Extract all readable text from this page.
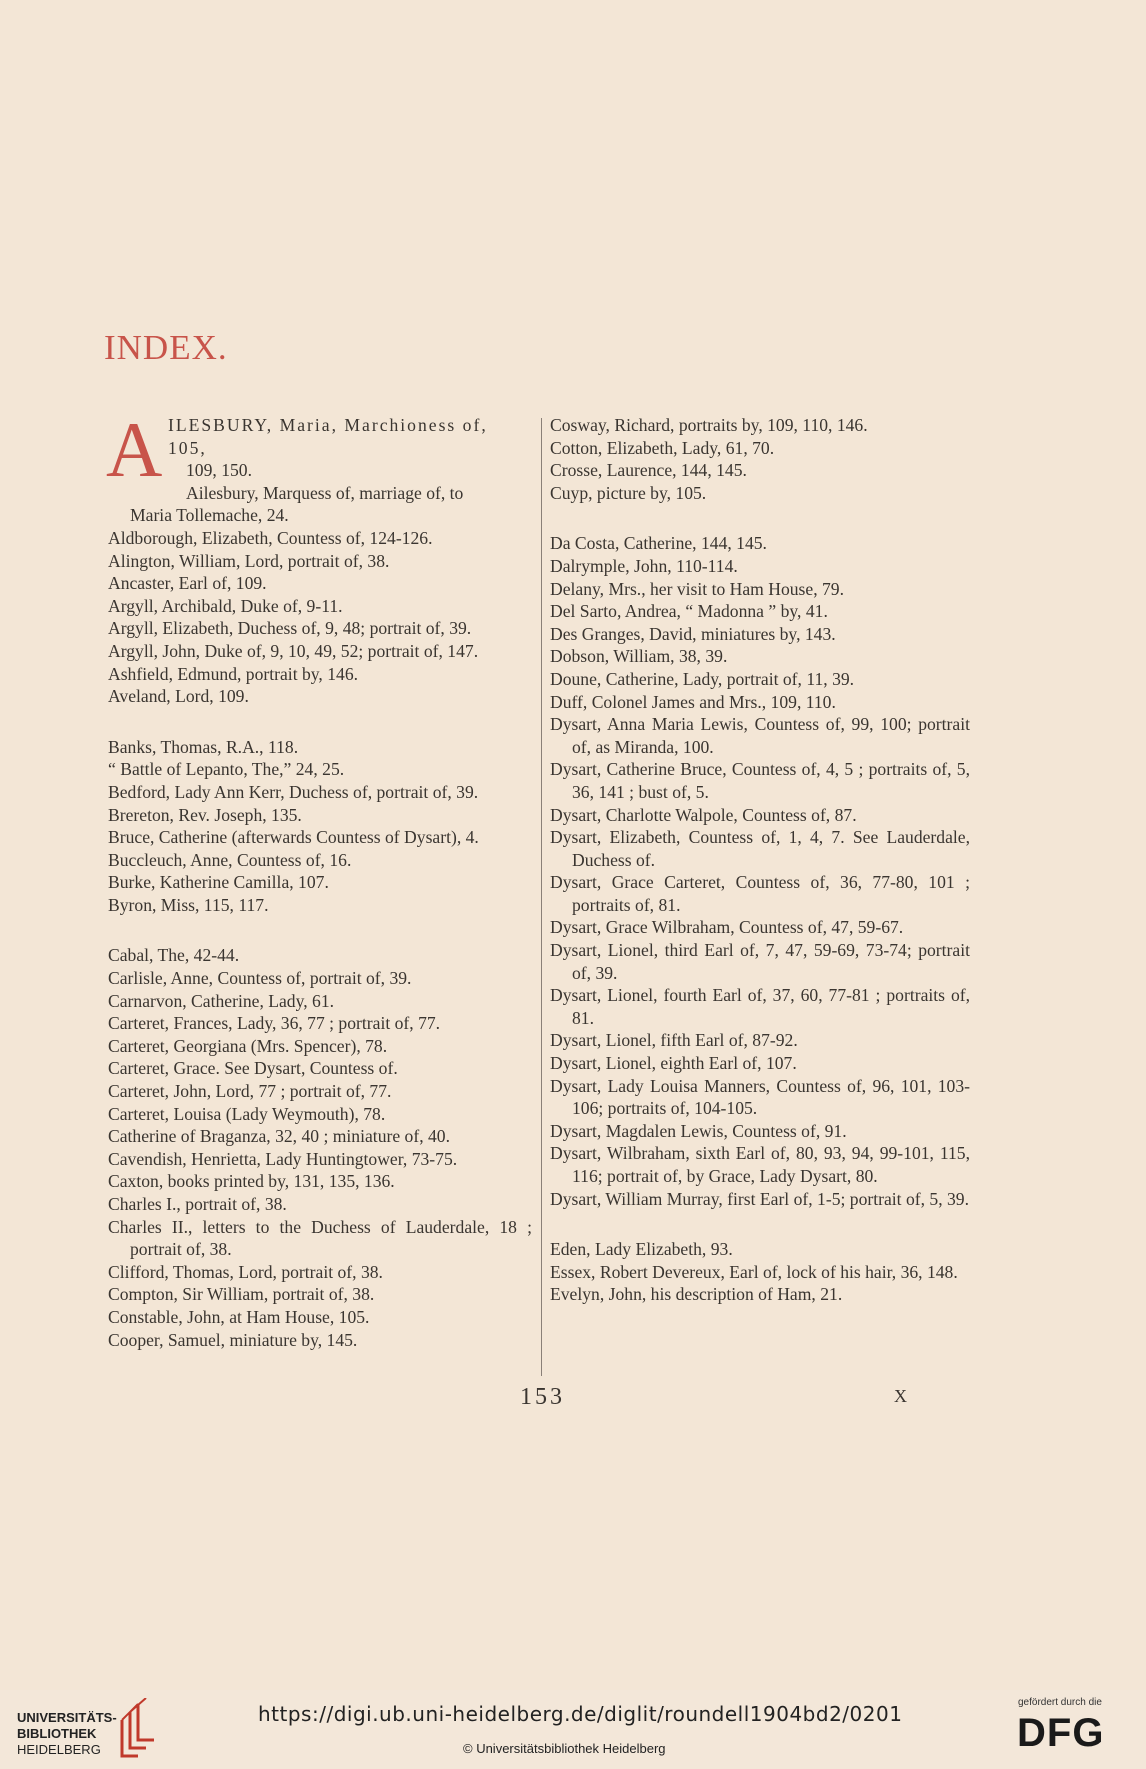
INDEX.
A ILESBURY, Maria, Marchioness of, 105,
109, 150.
Ailesbury, Marquess of, marriage of, to
Maria Tollemache, 24.
Aldborough, Elizabeth, Countess of, 124-126.
Alington, William, Lord, portrait of, 38.
Ancaster, Earl of, 109.
Argyll, Archibald, Duke of, 9-11.
Argyll, Elizabeth, Duchess of, 9, 48; portrait of, 39.
Argyll, John, Duke of, 9, 10, 49, 52; portrait of, 147.
Ashfield, Edmund, portrait by, 146.
Aveland, Lord, 109.
Banks, Thomas, R.A., 118.
“ Battle of Lepanto, The,” 24, 25.
Bedford, Lady Ann Kerr, Duchess of, portrait of, 39.
Brereton, Rev. Joseph, 135.
Bruce, Catherine (afterwards Countess of Dysart), 4.
Buccleuch, Anne, Countess of, 16.
Burke, Katherine Camilla, 107.
Byron, Miss, 115, 117.
Cabal, The, 42-44.
Carlisle, Anne, Countess of, portrait of, 39.
Carnarvon, Catherine, Lady, 61.
Carteret, Frances, Lady, 36, 77 ; portrait of, 77.
Carteret, Georgiana (Mrs. Spencer), 78.
Carteret, Grace. See Dysart, Countess of.
Carteret, John, Lord, 77 ; portrait of, 77.
Carteret, Louisa (Lady Weymouth), 78.
Catherine of Braganza, 32, 40 ; miniature of, 40.
Cavendish, Henrietta, Lady Huntingtower, 73-75.
Caxton, books printed by, 131, 135, 136.
Charles I., portrait of, 38.
Charles II., letters to the Duchess of Lauderdale, 18 ; portrait of, 38.
Clifford, Thomas, Lord, portrait of, 38.
Compton, Sir William, portrait of, 38.
Constable, John, at Ham House, 105.
Cooper, Samuel, miniature by, 145.
Cosway, Richard, portraits by, 109, 110, 146.
Cotton, Elizabeth, Lady, 61, 70.
Crosse, Laurence, 144, 145.
Cuyp, picture by, 105.
Da Costa, Catherine, 144, 145.
Dalrymple, John, 110-114.
Delany, Mrs., her visit to Ham House, 79.
Del Sarto, Andrea, “ Madonna ” by, 41.
Des Granges, David, miniatures by, 143.
Dobson, William, 38, 39.
Doune, Catherine, Lady, portrait of, 11, 39.
Duff, Colonel James and Mrs., 109, 110.
Dysart, Anna Maria Lewis, Countess of, 99, 100; portrait of, as Miranda, 100.
Dysart, Catherine Bruce, Countess of, 4, 5 ; portraits of, 5, 36, 141 ; bust of, 5.
Dysart, Charlotte Walpole, Countess of, 87.
Dysart, Elizabeth, Countess of, 1, 4, 7. See Lauderdale, Duchess of.
Dysart, Grace Carteret, Countess of, 36, 77-80, 101 ; portraits of, 81.
Dysart, Grace Wilbraham, Countess of, 47, 59-67.
Dysart, Lionel, third Earl of, 7, 47, 59-69, 73-74; portrait of, 39.
Dysart, Lionel, fourth Earl of, 37, 60, 77-81 ; portraits of, 81.
Dysart, Lionel, fifth Earl of, 87-92.
Dysart, Lionel, eighth Earl of, 107.
Dysart, Lady Louisa Manners, Countess of, 96, 101, 103-106; portraits of, 104-105.
Dysart, Magdalen Lewis, Countess of, 91.
Dysart, Wilbraham, sixth Earl of, 80, 93, 94, 99-101, 115, 116; portrait of, by Grace, Lady Dysart, 80.
Dysart, William Murray, first Earl of, 1-5; portrait of, 5, 39.
Eden, Lady Elizabeth, 93.
Essex, Robert Devereux, Earl of, lock of his hair, 36, 148.
Evelyn, John, his description of Ham, 21.
153	X
UNIVERSITÄTS-
BIBLIOTHEK
HEIDELBERG
https://digi.ub.uni-heidelberg.de/diglit/roundell1904bd2/0201
© Universitätsbibliothek Heidelberg
gefördert durch die
DFG
